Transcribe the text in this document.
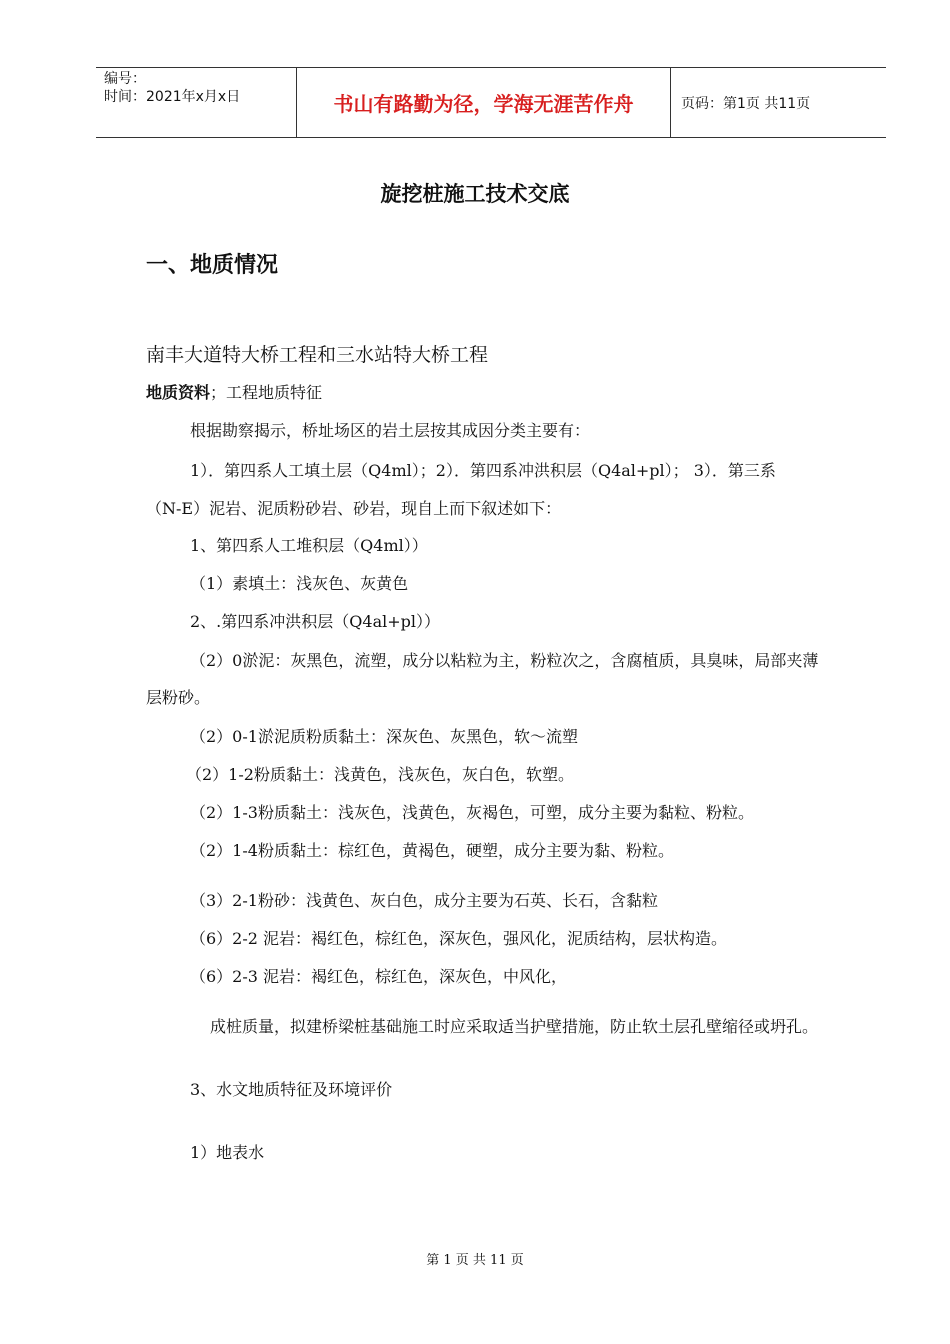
编号：
时间：2021年x月x日	书山有路勤为径，学海无涯苦作舟	页码：第1页 共11页
旋挖桩施工技术交底
一、地质情况
南丰大道特大桥工程和三水站特大桥工程
地质资料；工程地质特征
根据勘察揭示，桥址场区的岩土层按其成因分类主要有：
1）．第四系人工填土层（Q4ml）；2）．第四系冲洪积层（Q4al+pl）； 3）．第三系
（N-E）泥岩、泥质粉砂岩、砂岩，现自上而下叙述如下：
1、第四系人工堆积层（Q4ml））
（1）素填土：浅灰色、灰黄色
2、.第四系冲洪积层（Q4al+pl））
（2）0淤泥：灰黑色，流塑，成分以粘粒为主，粉粒次之，含腐植质，具臭味，局部夹薄
层粉砂。
（2）0-1淤泥质粉质黏土：深灰色、灰黑色，软～流塑
（2）1-2粉质黏土：浅黄色，浅灰色，灰白色，软塑。
（2）1-3粉质黏土：浅灰色，浅黄色，灰褐色，可塑，成分主要为黏粒、粉粒。
（2）1-4粉质黏土：棕红色，黄褐色，硬塑，成分主要为黏、粉粒。
（3）2-1粉砂：浅黄色、灰白色，成分主要为石英、长石，含黏粒
（6）2-2 泥岩：褐红色，棕红色，深灰色，强风化，泥质结构，层状构造。
（6）2-3 泥岩：褐红色，棕红色，深灰色，中风化，
成桩质量，拟建桥梁桩基础施工时应采取适当护壁措施，防止软土层孔壁缩径或坍孔。
3、水文地质特征及环境评价
1）地表水
第 1 页 共 11 页
